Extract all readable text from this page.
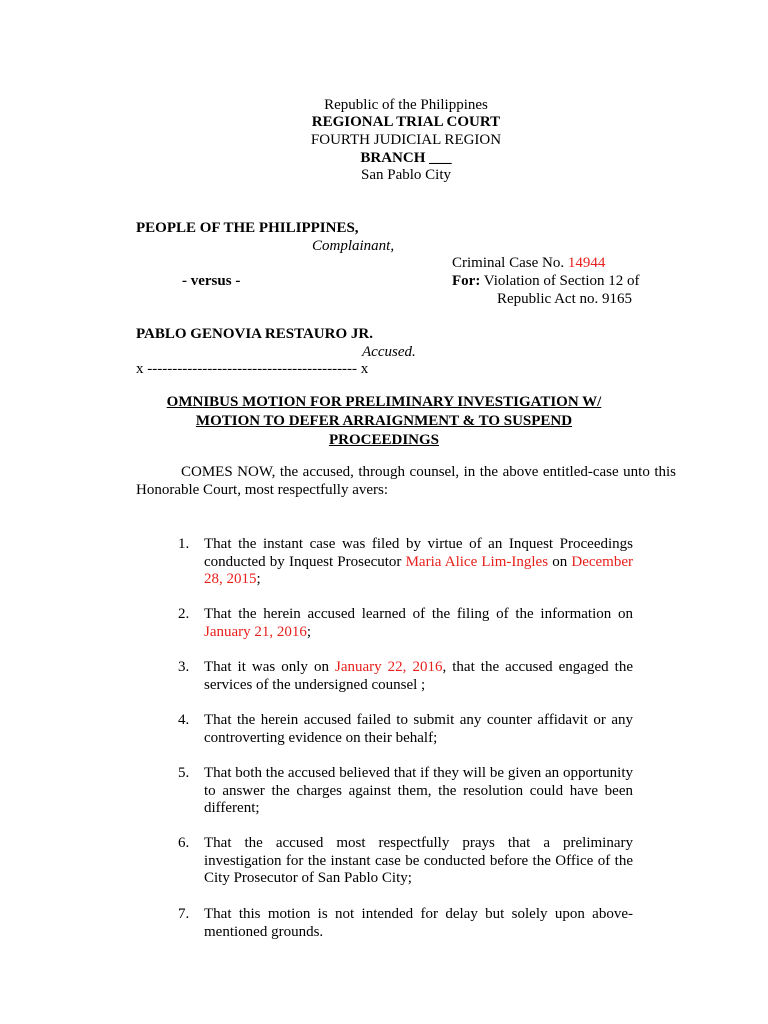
Republic of the Philippines
REGIONAL TRIAL COURT
FOURTH JUDICIAL REGION
BRANCH ___
San Pablo City
PEOPLE OF THE PHILIPPINES,
Complainant,
Criminal Case No. 14944
- versus -	For: Violation of Section 12 of
Republic Act no. 9165
PABLO GENOVIA RESTAURO JR.
Accused.
x ------------------------------------------ x
OMNIBUS MOTION FOR PRELIMINARY INVESTIGATION W/
MOTION TO DEFER ARRAIGNMENT & TO SUSPEND
PROCEEDINGS
COMES NOW, the accused, through counsel, in the above entitled-case unto this Honorable Court, most respectfully avers:
1. That the instant case was filed by virtue of an Inquest Proceedings conducted by Inquest Prosecutor Maria Alice Lim-Ingles on December 28, 2015;
2. That the herein accused learned of the filing of the information on January 21, 2016;
3. That it was only on January 22, 2016, that the accused engaged the services of the undersigned counsel ;
4. That the herein accused failed to submit any counter affidavit or any controverting evidence on their behalf;
5. That both the accused believed that if they will be given an opportunity to answer the charges against them, the resolution could have been different;
6. That the accused most respectfully prays that a preliminary investigation for the instant case be conducted before the Office of the City Prosecutor of San Pablo City;
7. That this motion is not intended for delay but solely upon above-mentioned grounds.
